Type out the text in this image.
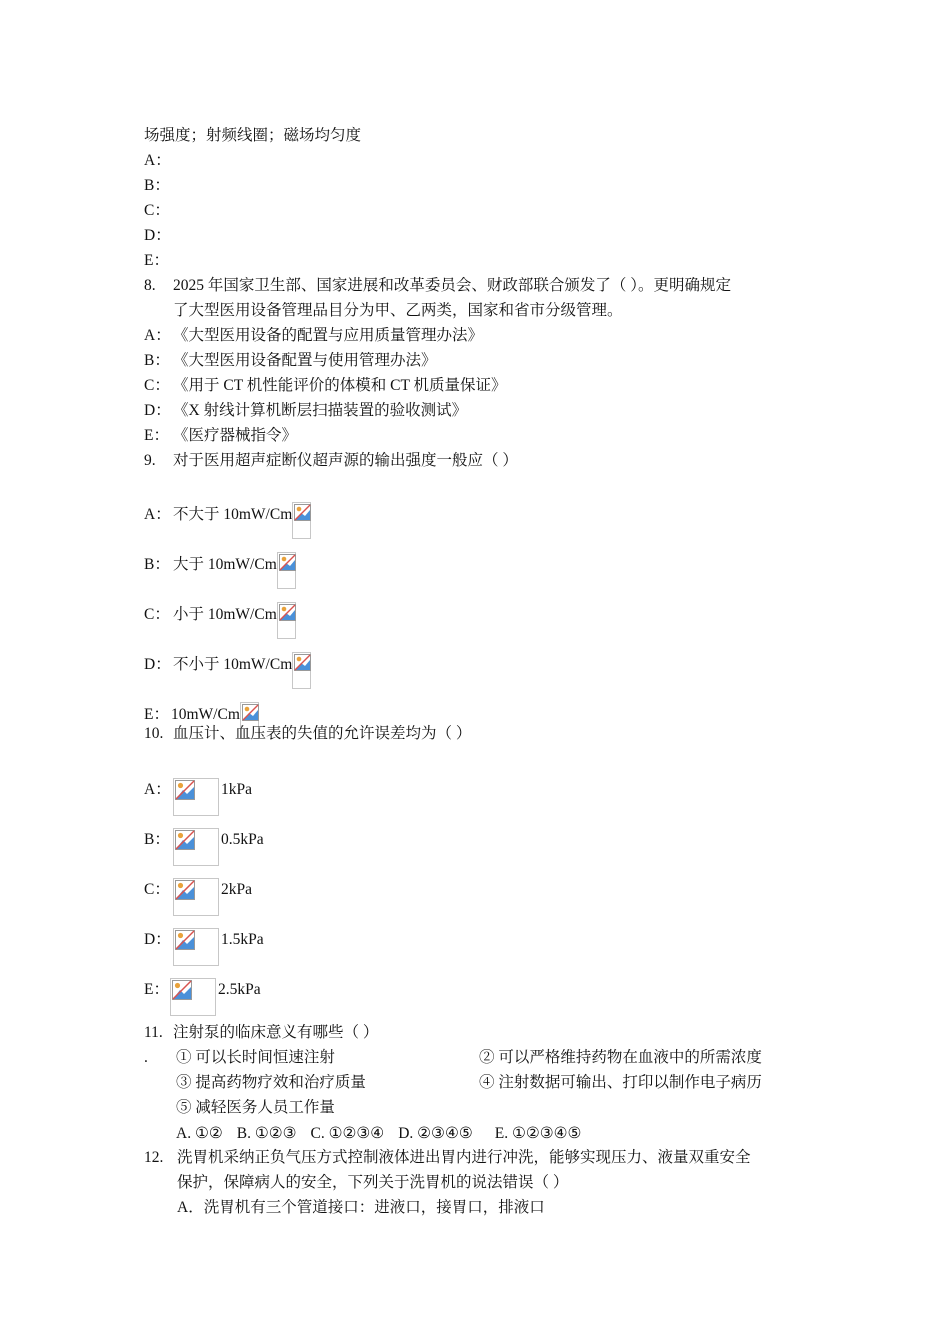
场强度；射频线圈；磁场均匀度
A：
B：
C：
D：
E：
8. 2025 年国家卫生部、国家进展和改革委员会、财政部联合颁发了（ ）。更明确规定
了大型医用设备管理品目分为甲、乙两类，国家和省市分级管理。
A： 《大型医用设备的配置与应用质量管理办法》
B： 《大型医用设备配置与使用管理办法》
C： 《用于 CT 机性能评价的体模和 CT 机质量保证》
D： 《X 射线计算机断层扫描装置的验收测试》
E： 《医疗器械指令》
9. 对于医用超声症断仪超声源的输出强度一般应（ ）
A： 不大于 10mW/Cm
B： 大于 10mW/Cm
C： 小于 10mW/Cm
D： 不小于 10mW/Cm
E： 10mW/Cm
10. 血压计、血压表的失值的允许误差均为（ ）
A：	1kPa
B：	0.5kPa
C：	2kPa
D：	1.5kPa
E：	2.5kPa
11. 注射泵的临床意义有哪些（ ）
. ① 可以长时间恒速注射	② 可以严格维持药物在血液中的所需浓度
③ 提高药物疗效和治疗质量	④ 注射数据可输出、打印以制作电子病历
⑤ 减轻医务人员工作量
A. ①② B. ①②③ C. ①②③④ D. ②③④⑤ E. ①②③④⑤
12. 洗胃机采纳正负气压方式控制液体进出胃内进行冲洗，能够实现压力、液量双重安全
保护，保障病人的安全，下列关于洗胃机的说法错误（ ）
A．洗胃机有三个管道接口：进液口，接胃口，排液口
